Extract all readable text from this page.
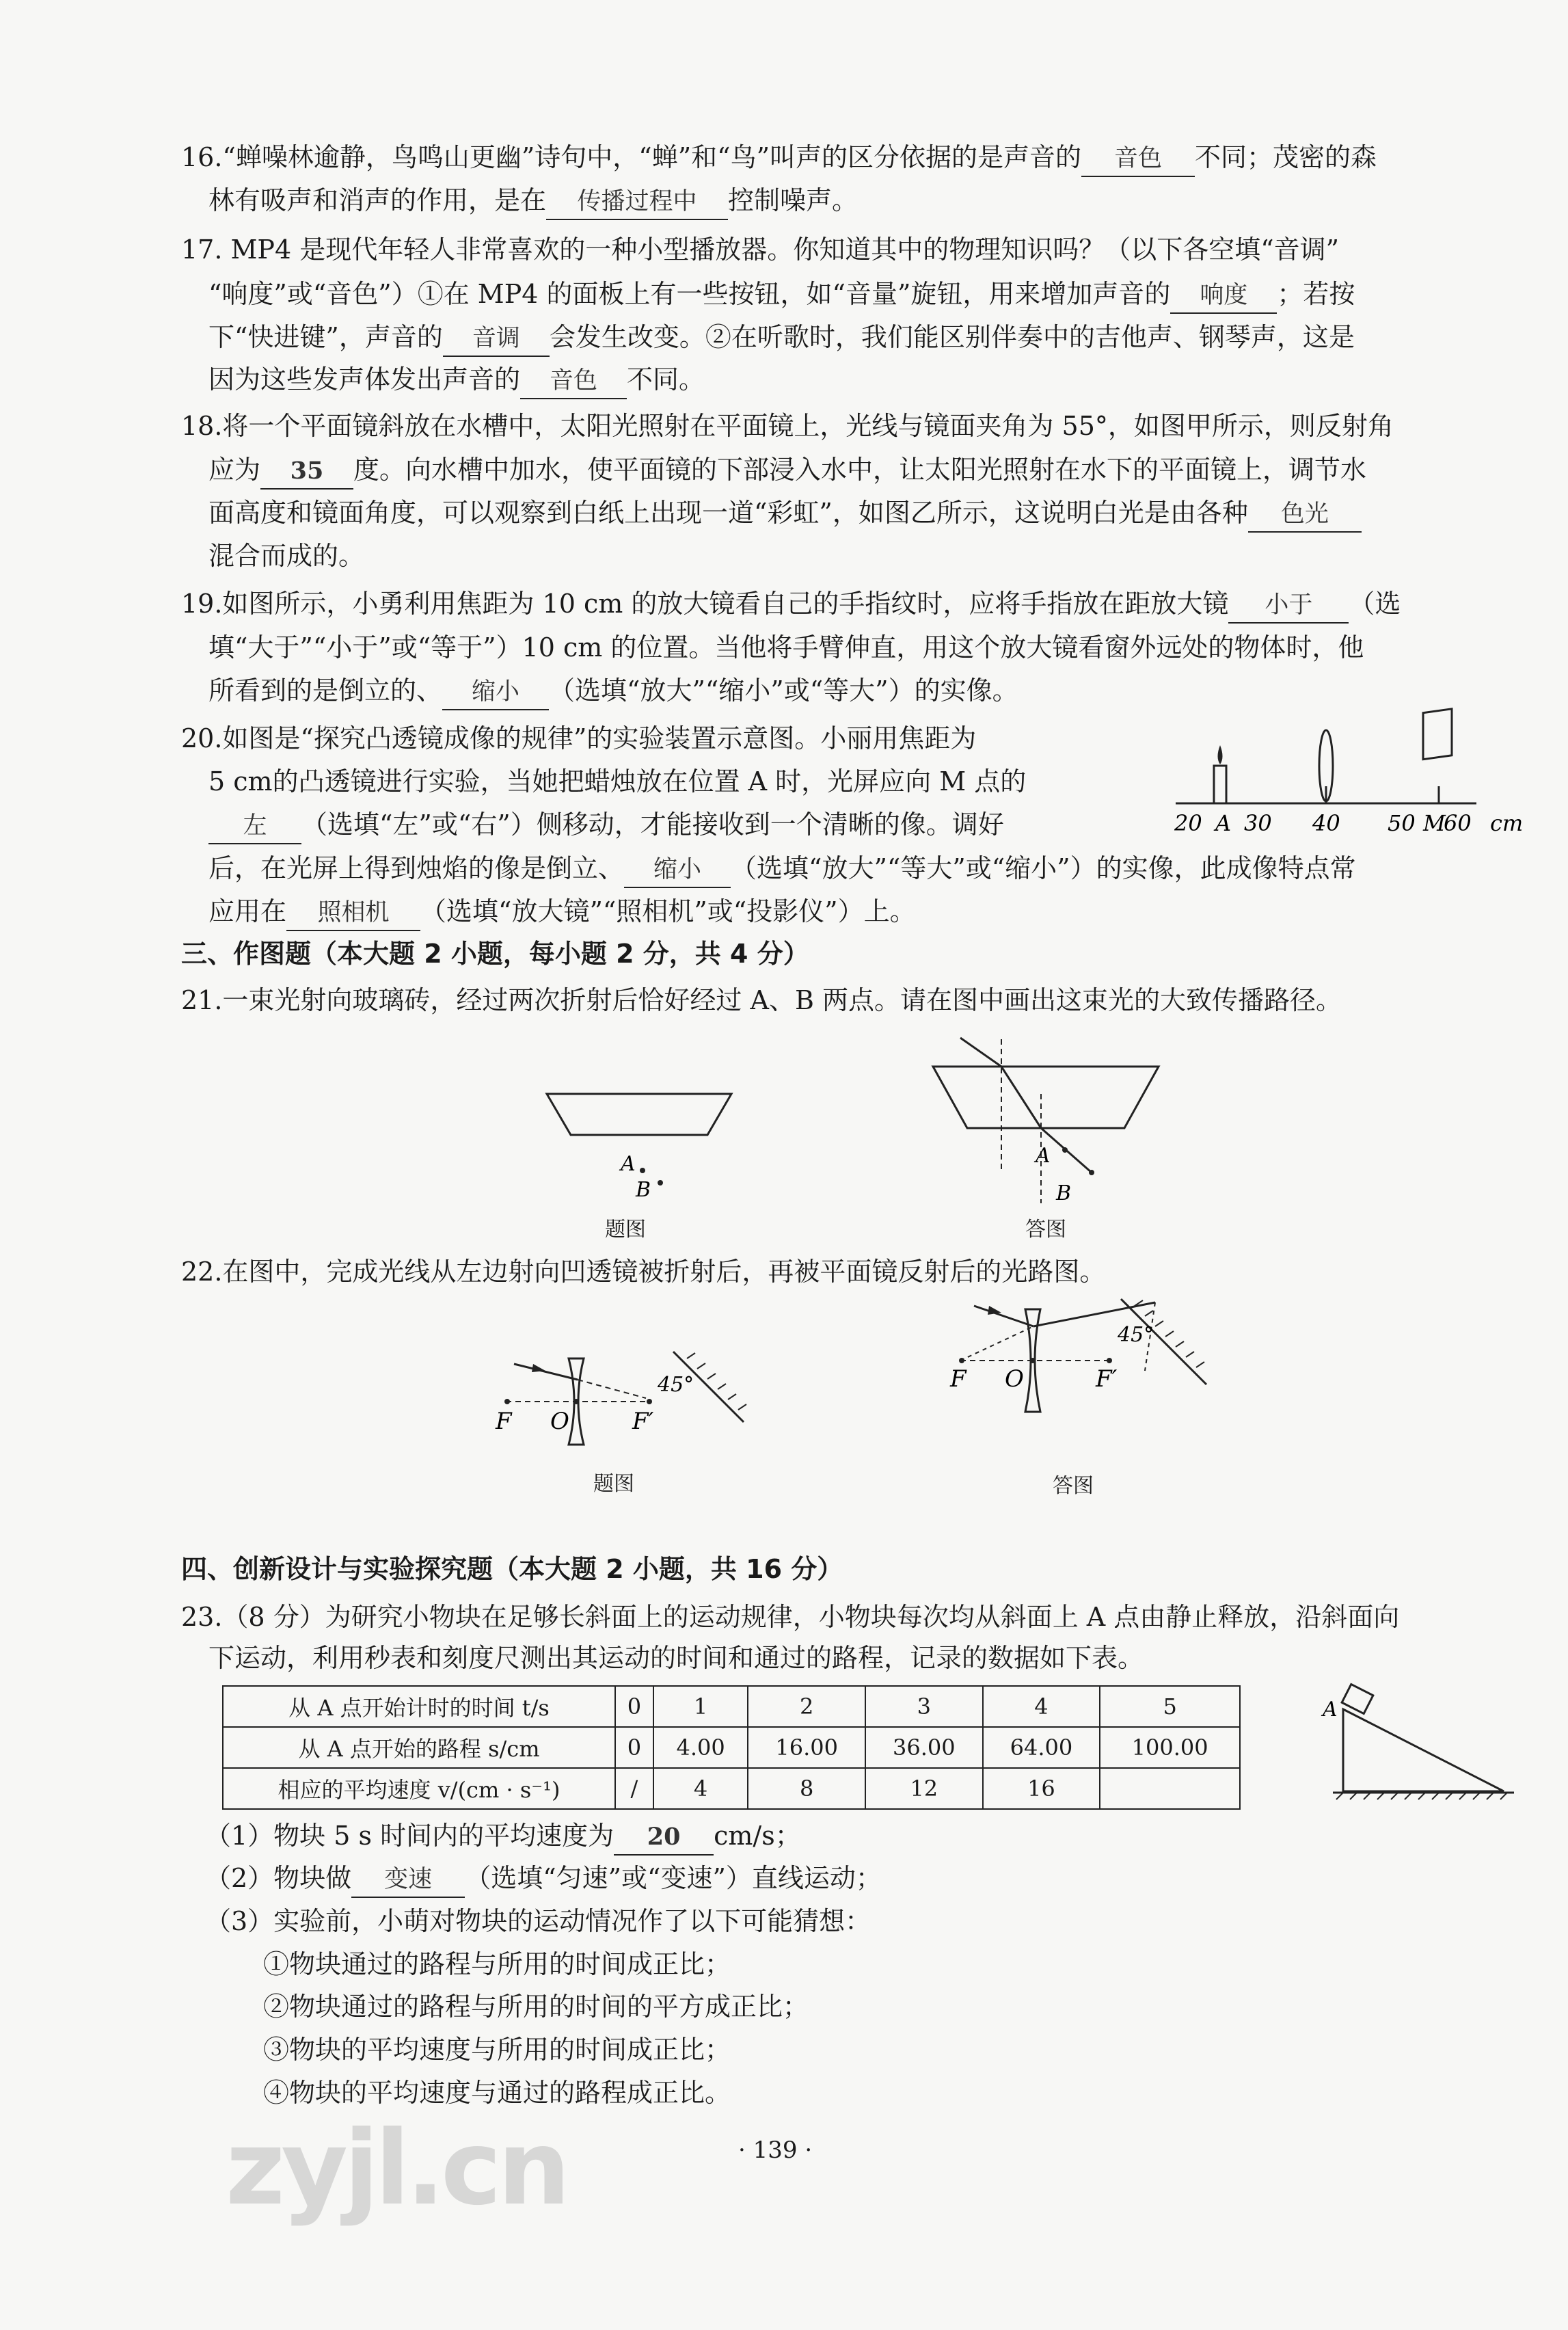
16.“蝉噪林逾静，鸟鸣山更幽”诗句中，“蝉”和“鸟”叫声的区分依据的是声音的 音色 不同；茂密的森
林有吸声和消声的作用，是在 传播过程中 控制噪声。
17. MP4 是现代年轻人非常喜欢的一种小型播放器。你知道其中的物理知识吗？（以下各空填“音调”
“响度”或“音色”）①在 MP4 的面板上有一些按钮，如“音量”旋钮，用来增加声音的 响度 ；若按
下“快进键”，声音的 音调 会发生改变。②在听歌时，我们能区别伴奏中的吉他声、钢琴声，这是
因为这些发声体发出声音的 音色 不同。
18.将一个平面镜斜放在水槽中，太阳光照射在平面镜上，光线与镜面夹角为 55°，如图甲所示，则反射角
应为 35 度。向水槽中加水，使平面镜的下部浸入水中，让太阳光照射在水下的平面镜上，调节水
面高度和镜面角度，可以观察到白纸上出现一道“彩虹”，如图乙所示，这说明白光是由各种 色光
混合而成的。
19.如图所示，小勇利用焦距为 10 cm 的放大镜看自己的手指纹时，应将手指放在距放大镜 小于 （选
填“大于”“小于”或“等于”）10 cm 的位置。当他将手臂伸直，用这个放大镜看窗外远处的物体时，他
所看到的是倒立的、 缩小 （选填“放大”“缩小”或“等大”）的实像。
20.如图是“探究凸透镜成像的规律”的实验装置示意图。小丽用焦距为
5 cm的凸透镜进行实验，当她把蜡烛放在位置 A 时，光屏应向 M 点的
左 （选填“左”或“右”）侧移动，才能接收到一个清晰的像。调好
后，在光屏上得到烛焰的像是倒立、 缩小 （选填“放大”“等大”或“缩小”）的实像，此成像特点常
应用在 照相机 （选填“放大镜”“照相机”或“投影仪”）上。
20 A 30 40 50 M
60 cm
三、作图题（本大题 2 小题，每小题 2 分，共 4 分）
21.一束光射向玻璃砖，经过两次折射后恰好经过 A、B 两点。请在图中画出这束光的大致传播路径。
A
B
题图
A
B
答图
22.在图中，完成光线从左边射向凹透镜被折射后，再被平面镜反射后的光路图。
F O	F′
45°
题图
F O	F′
45°
答图
四、创新设计与实验探究题（本大题 2 小题，共 16 分）
23.（8 分）为研究小物块在足够长斜面上的运动规律，小物块每次均从斜面上 A 点由静止释放，沿斜面向
下运动，利用秒表和刻度尺测出其运动的时间和通过的路程，记录的数据如下表。
从 A 点开始计时的时间 t/s	0	1	2	3	4	5
从 A 点开始的路程 s/cm	0	4.00	16.00	36.00	64.00	100.00
相应的平均速度 v/(cm · s⁻¹)	/	4	8	12	16	
A
（1）物块 5 s 时间内的平均速度为 20 cm/s；
（2）物块做 变速 （选填“匀速”或“变速”）直线运动；
（3）实验前，小萌对物块的运动情况作了以下可能猜想：
①物块通过的路程与所用的时间成正比；
②物块通过的路程与所用的时间的平方成正比；
③物块的平均速度与所用的时间成正比；
④物块的平均速度与通过的路程成正比。
zyjl.cn	· 139 ·
